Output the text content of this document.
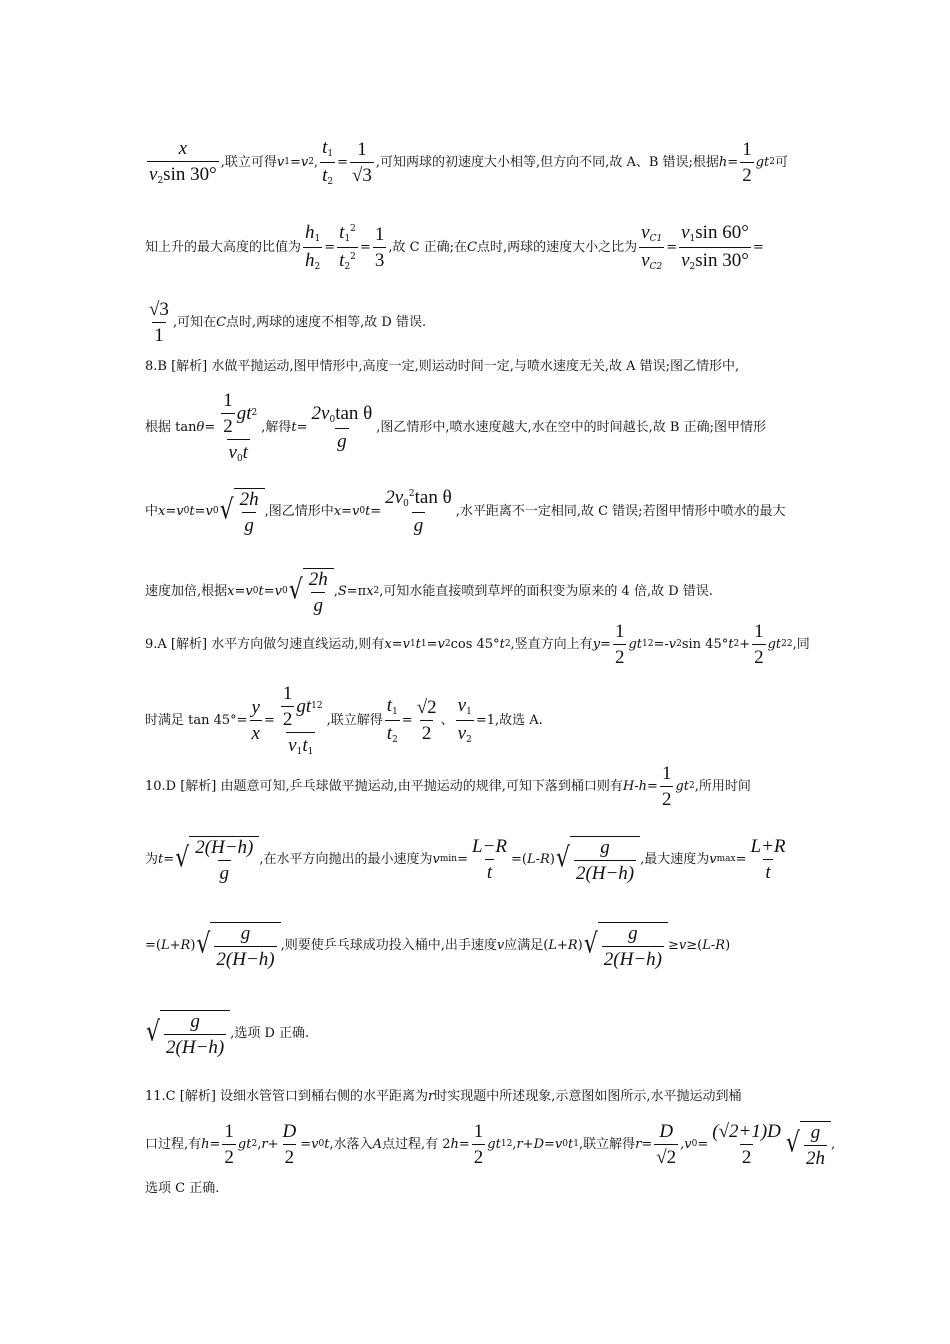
$\frac{x}{v_2\sin 30^\circ}$ ,联立可得 v 1 =v 2 , $\frac{t_1}{t_2} = \frac{1}{√3}$ ,可知两球的初速度大小相等,但方向不同,故 A、B 错误;根据 $h = \frac{1}{2}$ gt 2 可
知上升的最大高度的比值为 $\frac{h_1}{h_2} = \frac{t_1^2}{t_2^2} = \frac{1}{3}$ ,故 C 正确;在 C 点时,两球的速度大小之比为 $\frac{v_{C1}}{v_{C2}} = \frac{v_1\sin 60^\circ}{v_2\sin 30^\circ}$ =
$\frac{√3}{1}$ ,可知在 C 点时,两球的速度不相等,故 D 错误.
8.B [解析] 水做平抛运动,图甲情形中,高度一定,则运动时间一定,与喷水速度无关,故 A 错误;图乙情形中,
根据 $\tan \theta = \frac{\frac{1}{2} gt 2}{v_0t}$ ,解得 $t = \frac{2v_0\tan \theta}{g}$ ,图乙情形中,喷水速度越大,水在空中的时间越长,故 B 正确;图甲情形
中 x =v 0 t =v 0 √ $\frac{2h}{g}$ ,图乙情形中 x =v 0 $t = \frac{2v_0^2\tan \theta}{g}$ ,水平距离不一定相同,故 C 错误;若图甲情形中喷水的最大
速度加倍,根据 x =v 0 t =v 0 √ $\frac{2h}{g}$ , S =π x 2 ,可知水能直接喷到草坪的面积变为原来的 4 倍,故 D 错误.
9.A [解析] 水平方向做匀速直线运动,则有 x =v 1 t 1 =v 2 cos 45° t 2 ,竖直方向上有 $y = \frac{1}{2}$ gt 1 2 =-v 2 sin 45° t $2 + \frac{1}{2}$ gt 2 2 ,同
时满足 $\tan 45^\circ= \frac{y}{x} = \frac{\frac{1}{2} gt 1 2}{v_1t_1}$ ,联立解得 $\frac{t_1}{t_2} = \frac{√2}{2}$ 、 $\frac{v_1}{v_2} =1$,故选 A.
10.D [解析] 由题意可知,乒乓球做平抛运动,由平抛运动的规律,可知下落到桶口则有 $H - h = \frac{1}{2}$ gt 2 ,所用时间
为 t = √ $\frac{2(H-h)}{g}$ ,在水平方向抛出的最小速度为 v $\min = \frac{L-R}{t}$ =( L - R ) √ $\frac{g}{2(H-h)}$ ,最大速度为 v $\max = \frac{L+R}{t}$
=( L + R ) √ $\frac{g}{2(H-h)}$ ,则要使乒乓球成功投入桶中,出手速度 v 应满足( L + R ) √ $\frac{g}{2(H-h)} \ge v$ ≥( L - R )
√ $\frac{g}{2(H-h)}$ ,选项 D 正确.
11.C [解析] 设细水管管口到桶右侧的水平距离为 r 时实现题中所述现象,示意图如图所示,水平抛运动到桶
口过程,有 $h = \frac{1}{2}$ gt 2 , $r + \frac{D}{2} =v$ 0 t ,水落入 A 点过程,有 2 $h = \frac{1}{2}$ gt 1 2 , r + D =v 0 t 1 ,联立解得 $r = \frac{D}{√2} ,v$ $0 = \frac{(√2+1)D}{2}$ √ $\frac{g}{2h}$ ,
选项 C 正确.
